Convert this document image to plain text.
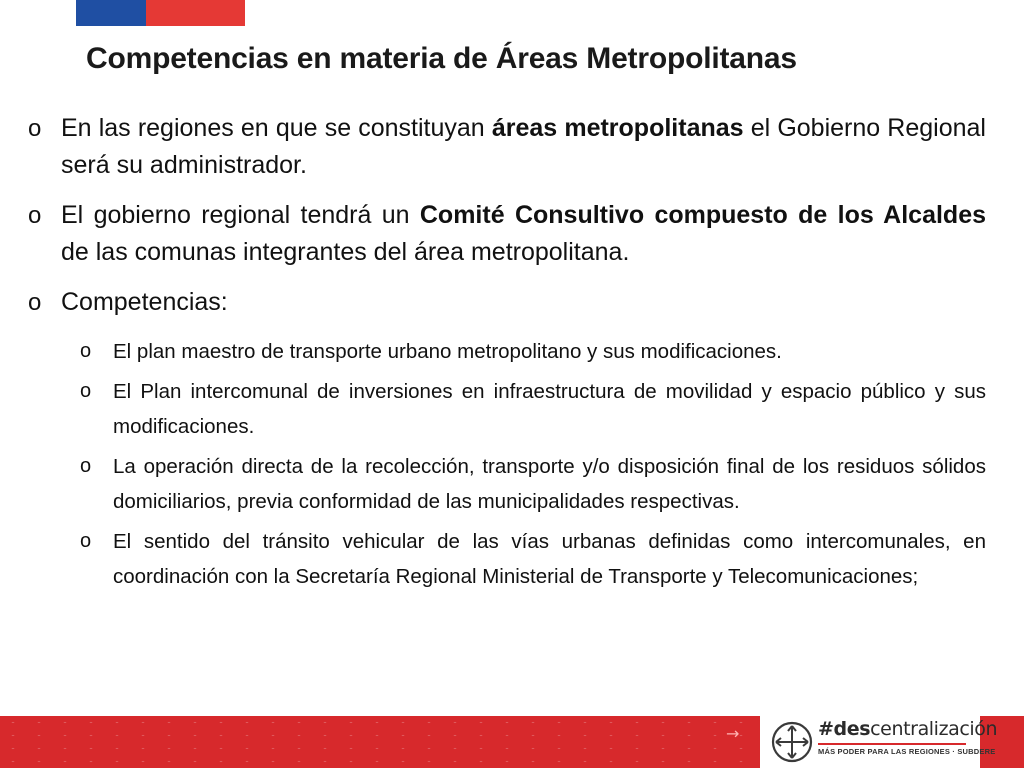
Competencias en materia de Áreas Metropolitanas
o En las regiones en que se constituyan áreas metropolitanas el Gobierno Regional será su administrador.
o El gobierno regional tendrá un Comité Consultivo compuesto de los Alcaldes de las comunas integrantes del área metropolitana.
o Competencias:
o El plan maestro de transporte urbano metropolitano y sus modificaciones.
o El Plan intercomunal de inversiones en infraestructura de movilidad y espacio público y sus modificaciones.
o La operación directa de la recolección, transporte y/o disposición final de los residuos sólidos domiciliarios, previa conformidad de las municipalidades respectivas.
o El sentido del tránsito vehicular de las vías urbanas definidas como intercomunales, en coordinación con la Secretaría Regional Ministerial de Transporte y Telecomunicaciones;
→	#descentralización
MÁS PODER PARA LAS REGIONES · SUBDERE
